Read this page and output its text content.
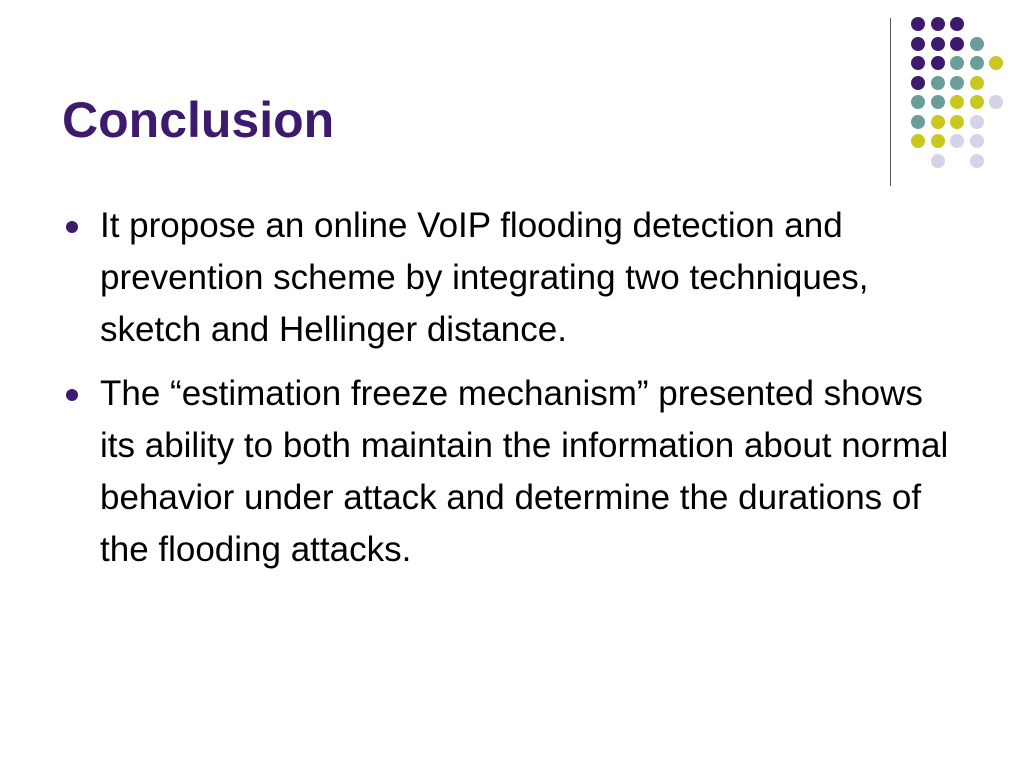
Conclusion
It propose an online VoIP flooding detection and prevention scheme by integrating two techniques, sketch and Hellinger distance.
The “estimation freeze mechanism” presented shows its ability to both maintain the information about normal behavior under attack and determine the durations of the flooding attacks.
